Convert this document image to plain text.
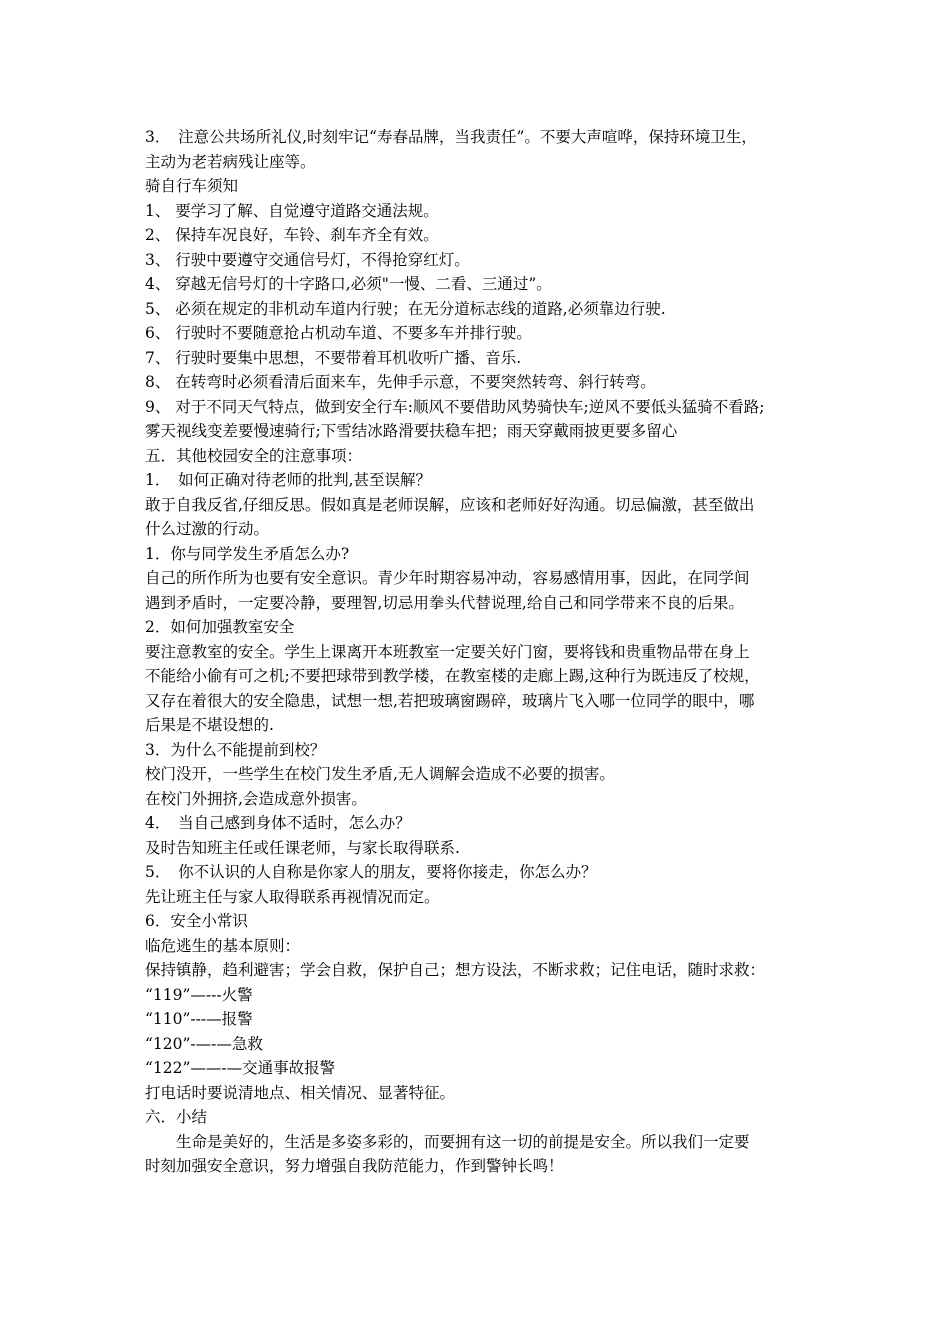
3．　注意公共场所礼仪,时刻牢记“寿春品牌，当我责任”。不要大声喧哗，保持环境卫生，
主动为老若病残让座等。
骑自行车须知
1、 要学习了解、自觉遵守道路交通法规。
2、 保持车况良好，车铃、刹车齐全有效。
3、 行驶中要遵守交通信号灯，不得抢穿红灯。
4、 穿越无信号灯的十字路口,必须"一慢、二看、三通过”。
5、 必须在规定的非机动车道内行驶；在无分道标志线的道路,必须靠边行驶.
6、 行驶时不要随意抢占机动车道、不要多车并排行驶。
7、 行驶时要集中思想，不要带着耳机收听广播、音乐.
8、 在转弯时必须看清后面来车，先伸手示意，不要突然转弯、斜行转弯。
9、 对于不同天气特点，做到安全行车:顺风不要借助风势骑快车;逆风不要低头猛骑不看路;
雾天视线变差要慢速骑行;下雪结冰路滑要扶稳车把；雨天穿戴雨披更要多留心
五．其他校园安全的注意事项：
1．　如何正确对待老师的批判,甚至误解？
敢于自我反省,仔细反思。假如真是老师误解，应该和老师好好沟通。切忌偏激，甚至做出
什么过激的行动。
1．你与同学发生矛盾怎么办?
自己的所作所为也要有安全意识。青少年时期容易冲动，容易感情用事，因此，在同学间
遇到矛盾时，一定要冷静，要理智,切忌用拳头代替说理,给自己和同学带来不良的后果。
2．如何加强教室安全
要注意教室的安全。学生上课离开本班教室一定要关好门窗，要将钱和贵重物品带在身上
不能给小偷有可之机;不要把球带到教学楼，在教室楼的走廊上踢,这种行为既违反了校规，
又存在着很大的安全隐患，试想一想,若把玻璃窗踢碎，玻璃片飞入哪一位同学的眼中，哪
后果是不堪设想的.
3．为什么不能提前到校？
校门没开，一些学生在校门发生矛盾,无人调解会造成不必要的损害。
在校门外拥挤,会造成意外损害。
4．　当自己感到身体不适时，怎么办？
及时告知班主任或任课老师，与家长取得联系.
5．　你不认识的人自称是你家人的朋友，要将你接走，你怎么办？
先让班主任与家人取得联系再视情况而定。
6．安全小常识
临危逃生的基本原则：
保持镇静，趋利避害；学会自救，保护自己；想方设法，不断求救；记住电话，随时求救：
“119”—---火警
“110”---—报警
“120”-—-—急救
“122”——-—交通事故报警
打电话时要说清地点、相关情况、显著特征。
六．小结
生命是美好的，生活是多姿多彩的，而要拥有这一切的前提是安全。所以我们一定要
时刻加强安全意识，努力增强自我防范能力，作到警钟长鸣！
